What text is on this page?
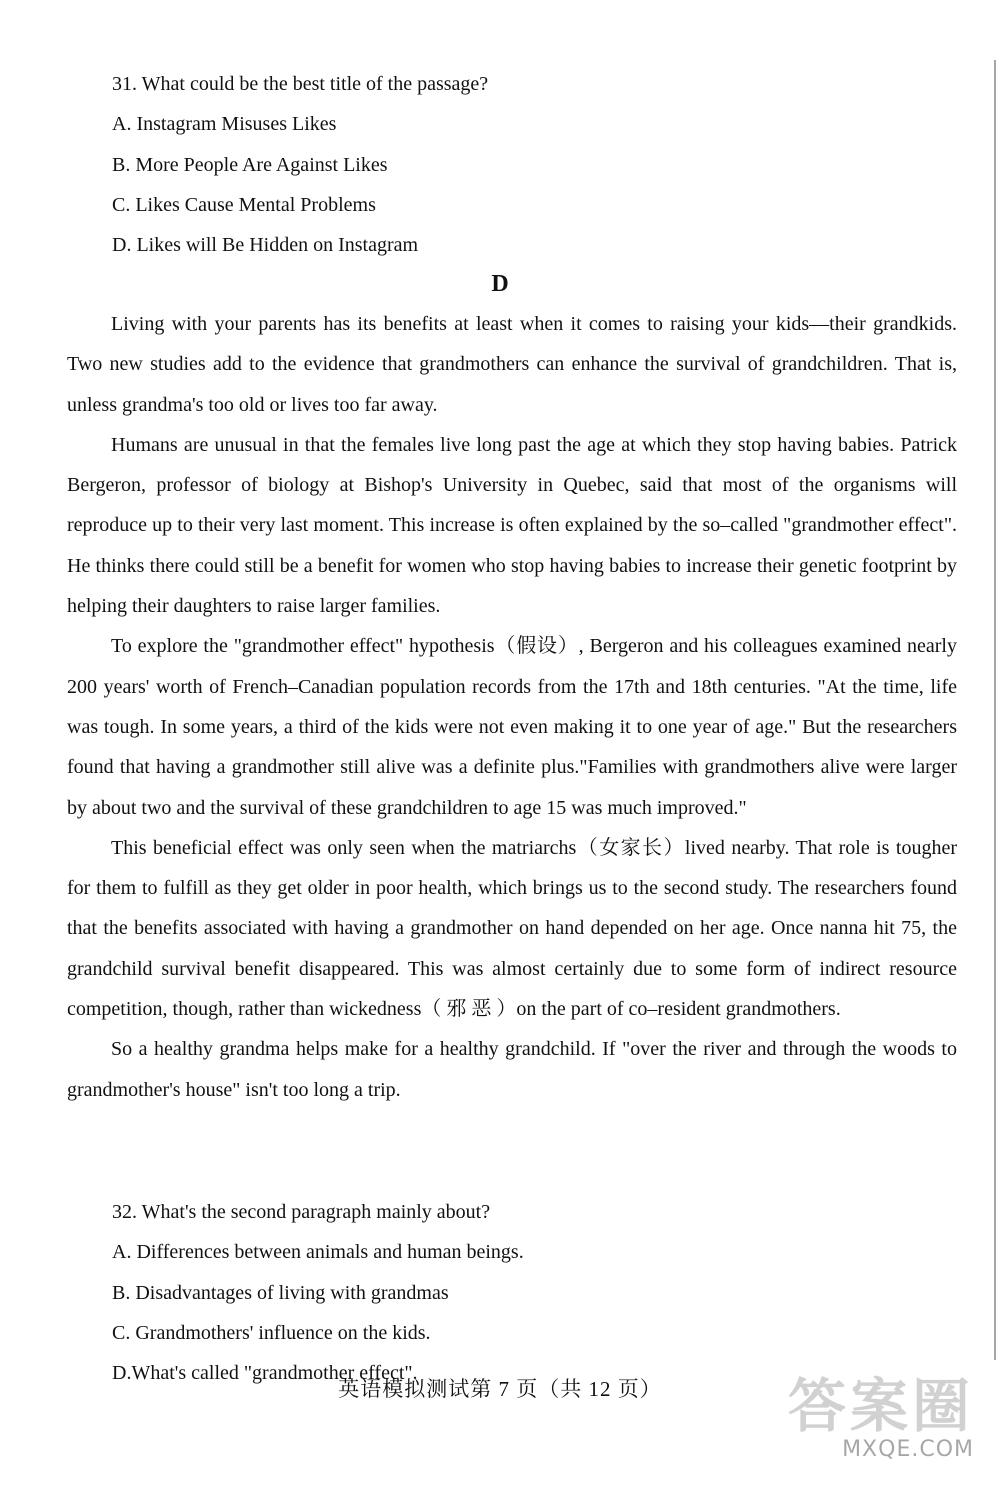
31. What could be the best title of the passage?
A. Instagram Misuses Likes
B. More People Are Against Likes
C. Likes Cause Mental Problems
D. Likes will Be Hidden on Instagram
D

Living with your parents has its benefits at least when it comes to raising your kids—their grandkids. Two new studies add to the evidence that grandmothers can enhance the survival of grandchildren. That is, unless grandma's too old or lives too far away.

Humans are unusual in that the females live long past the age at which they stop having babies. Patrick Bergeron, professor of biology at Bishop's University in Quebec, said that most of the organisms will reproduce up to their very last moment. This increase is often explained by the so–called "grandmother effect". He thinks there could still be a benefit for women who stop having babies to increase their genetic footprint by helping their daughters to raise larger families.

To explore the "grandmother effect" hypothesis（假设）, Bergeron and his colleagues examined nearly 200 years' worth of French–Canadian population records from the 17th and 18th centuries. "At the time, life was tough. In some years, a third of the kids were not even making it to one year of age." But the researchers found that having a grandmother still alive was a definite plus."Families with grandmothers alive were larger by about two and the survival of these grandchildren to age 15 was much improved."

This beneficial effect was only seen when the matriarchs（女家长）lived nearby. That role is tougher for them to fulfill as they get older in poor health, which brings us to the second study. The researchers found that the benefits associated with having a grandmother on hand depended on her age. Once nanna hit 75, the grandchild survival benefit disappeared. This was almost certainly due to some form of indirect resource competition, though, rather than wickedness（ 邪 恶 ）on the part of co–resident grandmothers.

So a healthy grandma helps make for a healthy grandchild. If "over the river and through the woods to grandmother's house" isn't too long a trip.

32. What's the second paragraph mainly about?
A. Differences between animals and human beings.
B. Disadvantages of living with grandmas
C. Grandmothers' influence on the kids.
D.What's called "grandmother effect".
英语模拟测试第 7 页（共 12 页）	答案圈
MXQE.COM
